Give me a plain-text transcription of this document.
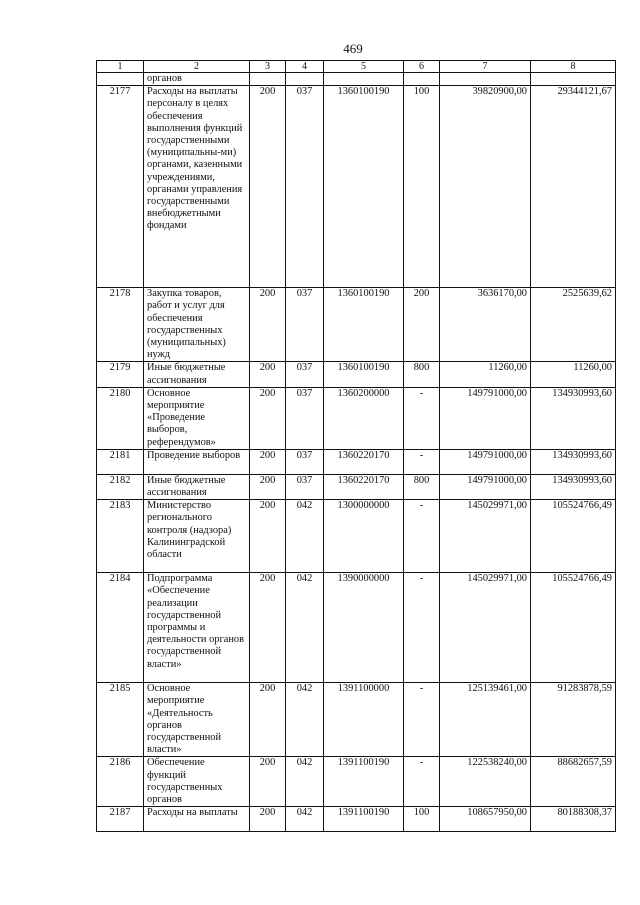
469
1	2	3	4	5	6	7	8
	органов						
2177	Расходы на выплаты персоналу в целях обеспечения выполнения функций государственными (муниципальны-ми) органами, казенными учреждениями, органами управления государственными внебюджетными фондами	200	037	1360100190	100	39820900,00	29344121,67
2178	Закупка товаров, работ и услуг для обеспечения государственных (муниципальных) нужд	200	037	1360100190	200	3636170,00	2525639,62
2179	Иные бюджетные ассигнования	200	037	1360100190	800	11260,00	11260,00
2180	Основное мероприятие «Проведение выборов, референдумов»	200	037	1360200000	-	149791000,00	134930993,60
2181	Проведение выборов	200	037	1360220170	-	149791000,00	134930993,60
2182	Иные бюджетные ассигнования	200	037	1360220170	800	149791000,00	134930993,60
2183	Министерство регионального контроля (надзора) Калининградской области	200	042	1300000000	-	145029971,00	105524766,49
2184	Подпрограмма «Обеспечение реализации государственной программы и деятельности органов государственной власти»	200	042	1390000000	-	145029971,00	105524766,49
2185	Основное мероприятие «Деятельность органов государственной власти»	200	042	1391100000	-	125139461,00	91283878,59
2186	Обеспечение функций государственных органов	200	042	1391100190	-	122538240,00	88682657,59
2187	Расходы на выплаты	200	042	1391100190	100	108657950,00	80188308,37
